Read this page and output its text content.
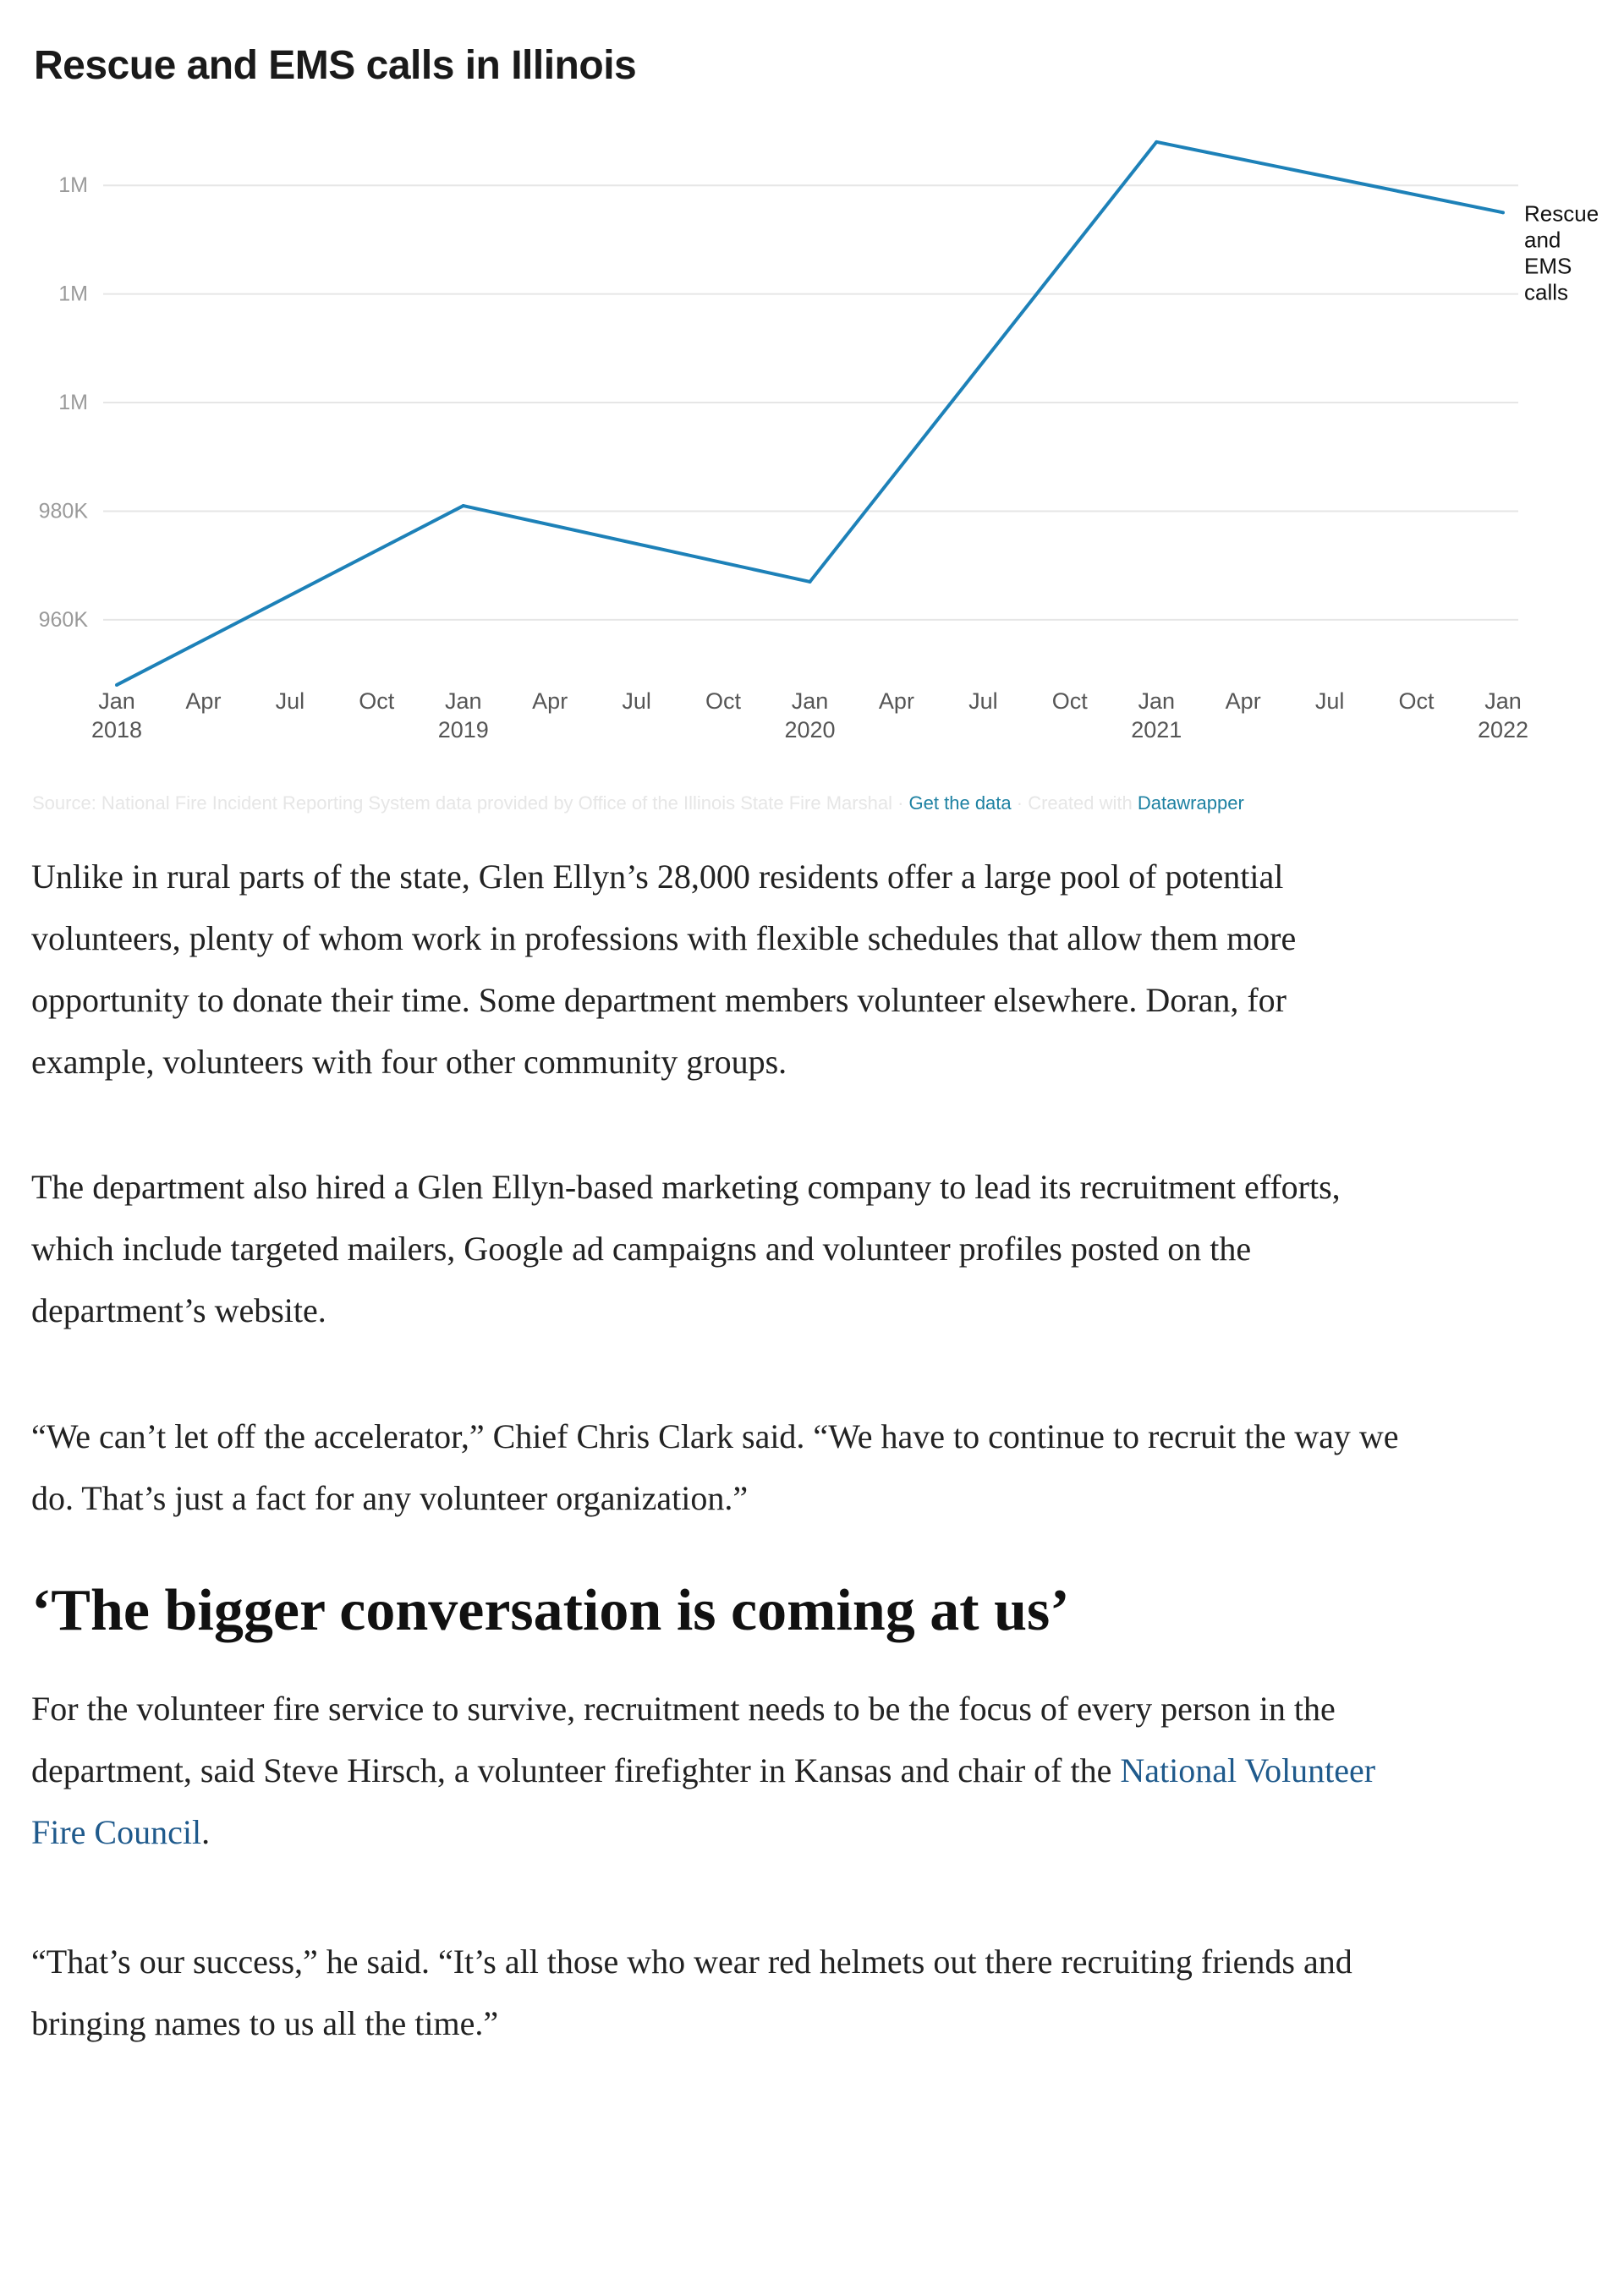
Rescue and EMS calls in Illinois
960K
980K
1M
1M
1M
Jan 2018
Apr Jul Oct	Jan 2019
Apr Jul Oct	Jan 2020
Apr Jul Oct	Jan 2021
Apr Jul Oct	Jan 2022
Rescue and EMS calls
Source: National Fire Incident Reporting System data provided by Office of the Illinois State Fire Marshal · Get the data · Created with Datawrapper

Unlike in rural parts of the state, Glen Ellyn’s 28,000 residents offer a large pool of potential

volunteers, plenty of whom work in professions with flexible schedules that allow them more

opportunity to donate their time. Some department members volunteer elsewhere. Doran, for

example, volunteers with four other community groups.

The department also hired a Glen Ellyn-based marketing company to lead its recruitment efforts,

which include targeted mailers, Google ad campaigns and volunteer profiles posted on the

department’s website.

“We can’t let off the accelerator,” Chief Chris Clark said. “We have to continue to recruit the way we

do. That’s just a fact for any volunteer organization.”

‘The bigger conversation is coming at us’

For the volunteer fire service to survive, recruitment needs to be the focus of every person in the

department, said Steve Hirsch, a volunteer firefighter in Kansas and chair of the National Volunteer

Fire Council.

“That’s our success,” he said. “It’s all those who wear red helmets out there recruiting friends and

bringing names to us all the time.”
